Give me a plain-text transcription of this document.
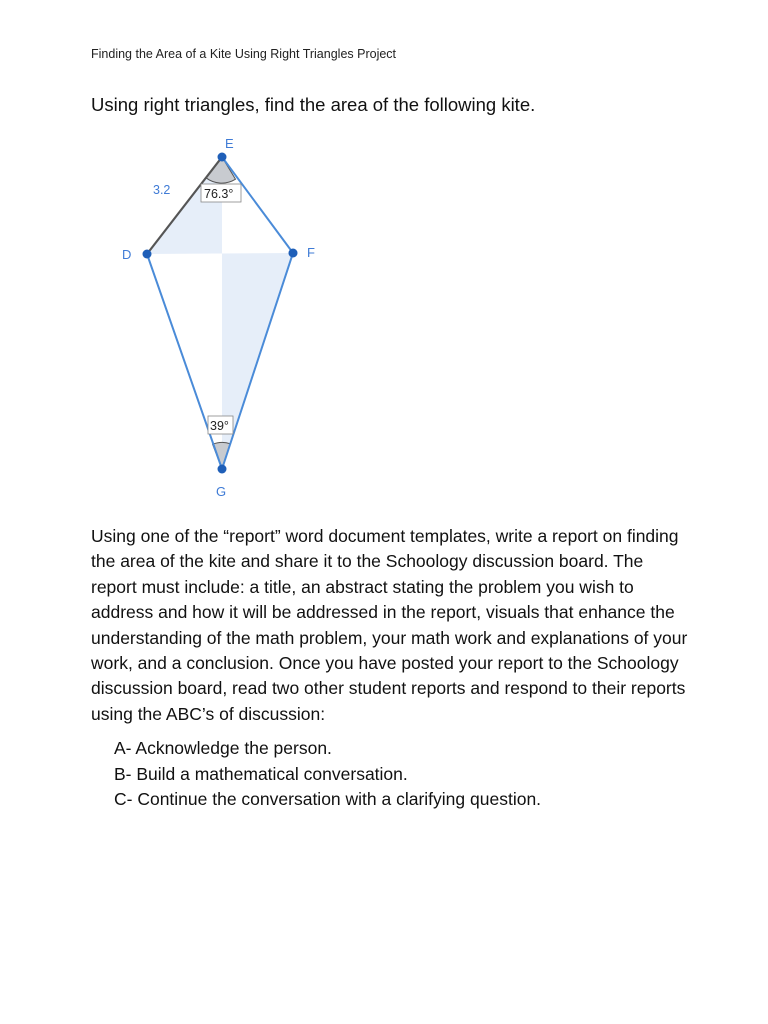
Finding the Area of a Kite Using Right Triangles Project
Using right triangles, find the area of the following kite.
E
D	F
G
3.2	76.3°
39°

Using one of the “report” word document templates, write a report on finding the area of the kite and share it to the Schoology discussion board. The report must include: a title, an abstract stating the problem you wish to address and how it will be addressed in the report, visuals that enhance the understanding of the math problem, your math work and explanations of your work, and a conclusion. Once you have posted your report to the Schoology discussion board, read two other student reports and respond to their reports using the ABC’s of discussion:

A- Acknowledge the person.
B- Build a mathematical conversation.
C- Continue the conversation with a clarifying question.
